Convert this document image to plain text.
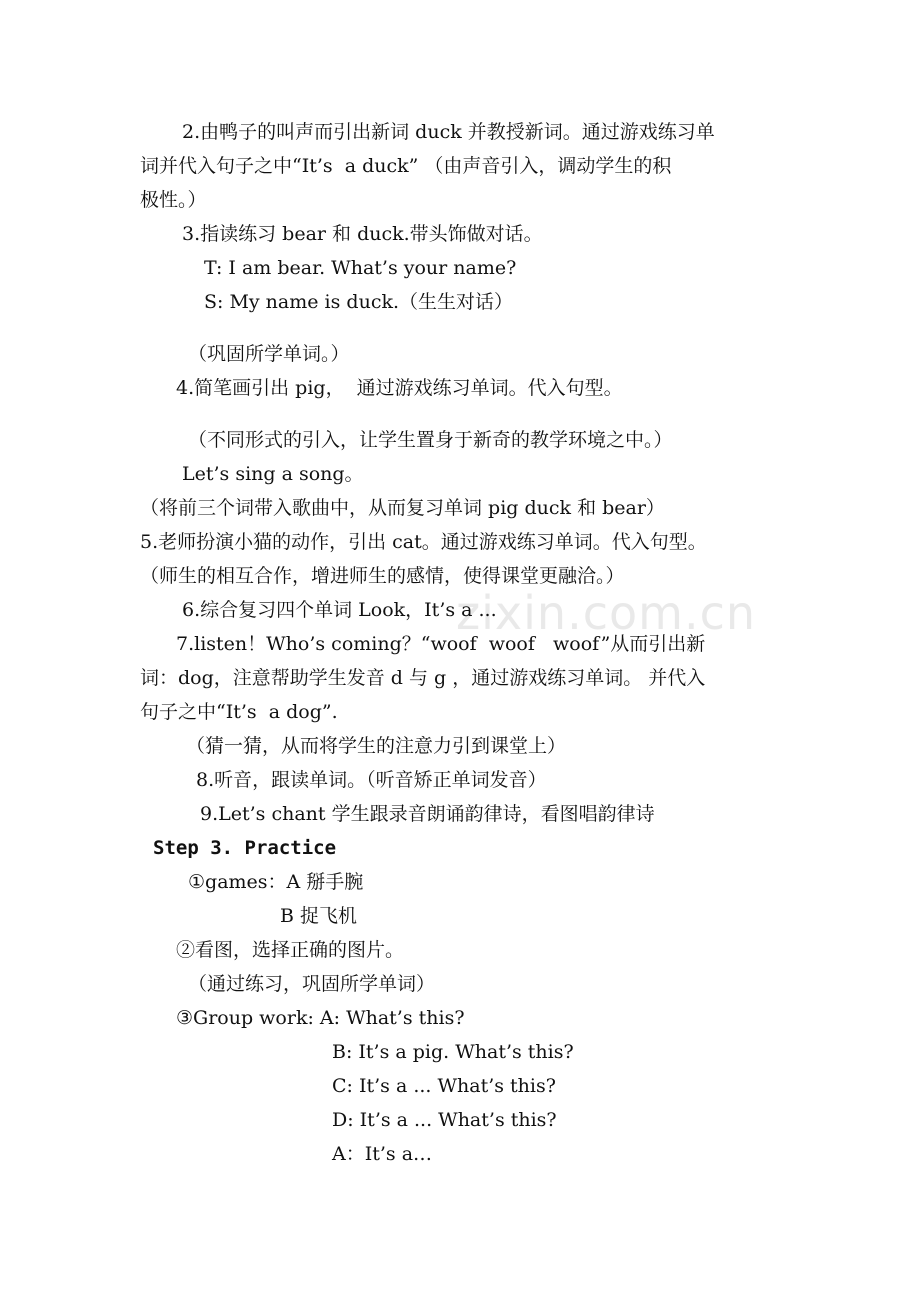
zixin.com.cn
2.由鸭子的叫声而引出新词 duck 并教授新词。通过游戏练习单
词并代入句子之中“It’s  a duck” （由声音引入，调动学生的积
极性。）
3.指读练习 bear 和 duck.带头饰做对话。
T: I am bear. What’s your name?
S: My name is duck.（生生对话）
（巩固所学单词。）
4.简笔画引出 pig，  通过游戏练习单词。代入句型。
（不同形式的引入，让学生置身于新奇的教学环境之中。）
Let’s sing a song。
（将前三个词带入歌曲中，从而复习单词 pig duck 和 bear）
5.老师扮演小猫的动作，引出 cat。通过游戏练习单词。代入句型。
（师生的相互合作，增进师生的感情，使得课堂更融洽。）
6.综合复习四个单词 Look，It’s a ...
7.listen！Who’s coming？“woof  woof   woof”从而引出新
词：dog，注意帮助学生发音 d 与 g ，通过游戏练习单词。 并代入
句子之中“It’s  a dog”.
（猜一猜，从而将学生的注意力引到课堂上）
8.听音，跟读单词。（听音矫正单词发音）
9.Let’s chant 学生跟录音朗诵韵律诗，看图唱韵律诗
Step 3. Practice
①games：A 掰手腕
B 捉飞机
②看图，选择正确的图片。
（通过练习，巩固所学单词）
③Group work: A: What’s this?
B: It’s a pig. What’s this?
C: It’s a ... What’s this?
D: It’s a ... What’s this?
A：It’s a…
